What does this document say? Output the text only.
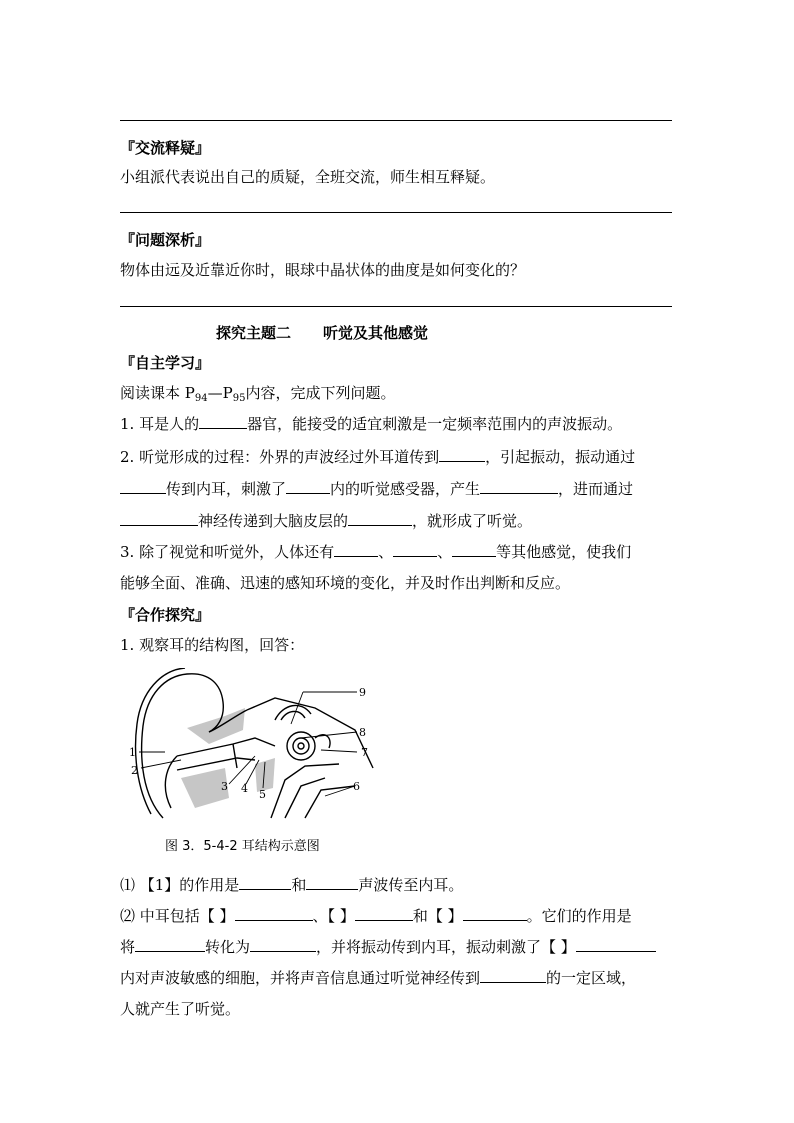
『交流释疑』
小组派代表说出自己的质疑，全班交流，师生相互释疑。
『问题深析』
物体由远及近靠近你时，眼球中晶状体的曲度是如何变化的？
探究主题二 听觉及其他感觉
『自主学习』
阅读课本 $P_{94}—P_{95}$内容，完成下列问题。
1. 耳是人的	器官，能接受的适宜刺激是一定频率范围内的声波振动。
2. 听觉形成的过程：外界的声波经过外耳道传到	，引起振动，振动通过
传到内耳，刺激了	内的听觉感受器，产生	，进而通过
神经传递到大脑皮层的	，就形成了听觉。
3. 除了视觉和听觉外，人体还有	、	、	等其他感觉，使我们
能够全面、准确、迅速的感知环境的变化，并及时作出判断和反应。
『合作探究』
1. 观察耳的结构图，回答：
1
2
3 4 5
6
7
8
9
图 3．5-4-2 耳结构示意图
⑴ 【1】的作用是	和	声波传至内耳。
⑵ 中耳包括【 】	、【 】	和【 】	。它们的作用是
将	转化为	，并将振动传到内耳，振动刺激了【 】
内对声波敏感的细胞，并将声音信息通过听觉神经传到	的一定区域，
人就产生了听觉。
